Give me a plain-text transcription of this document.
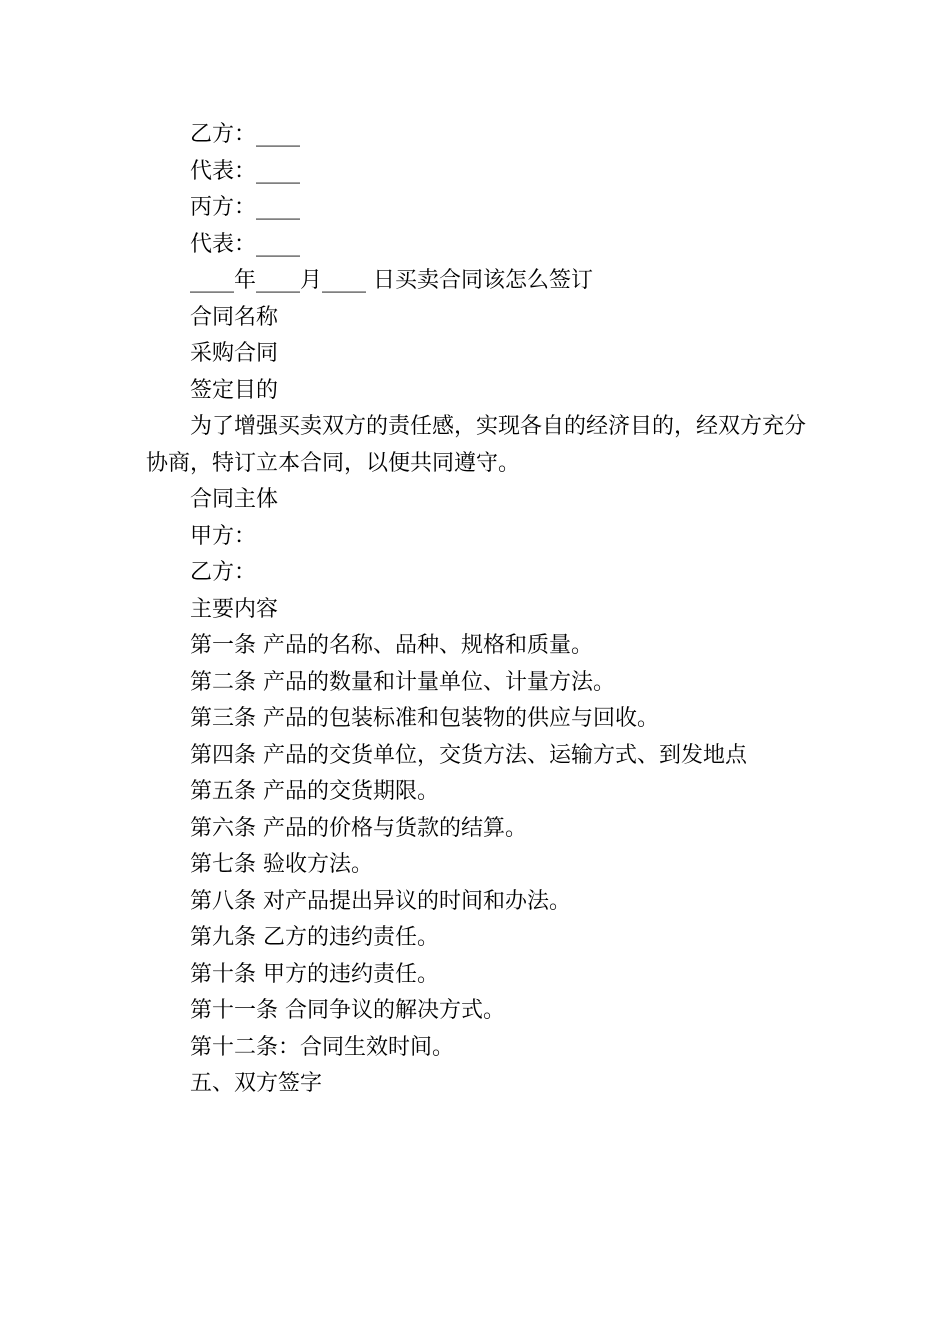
乙方：____

代表：____

丙方：____

代表：____

____年____月____ 日买卖合同该怎么签订

合同名称

采购合同

签定目的

为了增强买卖双方的责任感，实现各自的经济目的，经双方充分协商，特订立本合同，以便共同遵守。

合同主体

甲方：

乙方：

主要内容

第一条 产品的名称、品种、规格和质量。

第二条 产品的数量和计量单位、计量方法。

第三条 产品的包装标准和包装物的供应与回收。

第四条 产品的交货单位，交货方法、运输方式、到发地点

第五条 产品的交货期限。

第六条 产品的价格与货款的结算。

第七条 验收方法。

第八条 对产品提出异议的时间和办法。

第九条 乙方的违约责任。

第十条 甲方的违约责任。

第十一条 合同争议的解决方式。

第十二条：合同生效时间。

五、双方签字
